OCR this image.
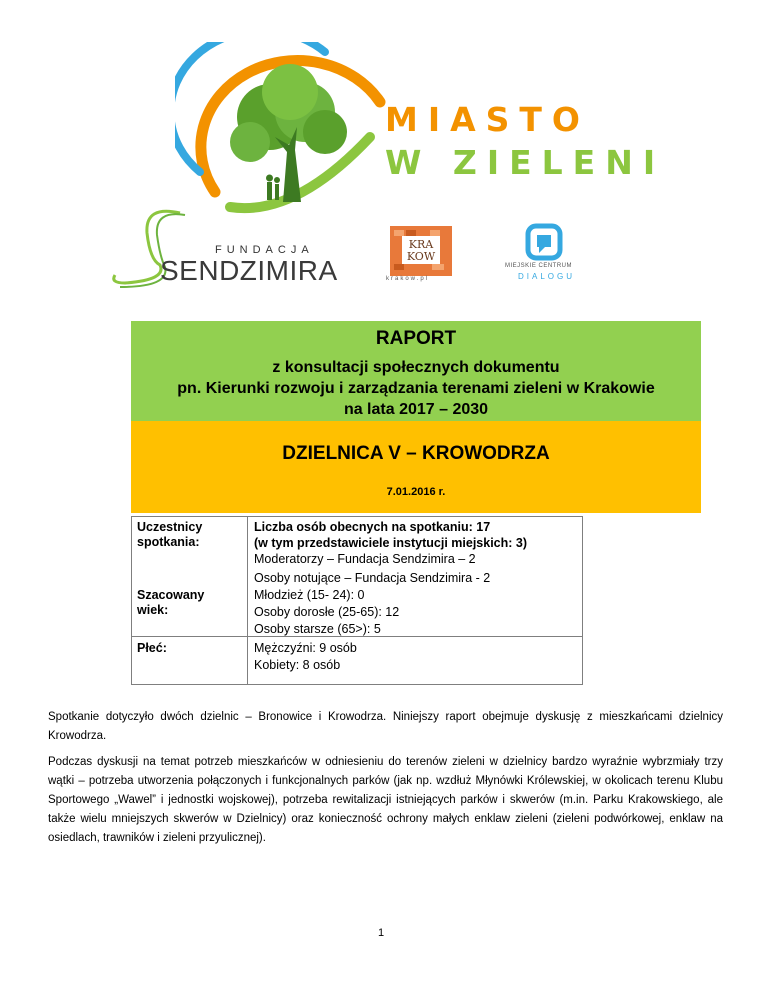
MIASTO
W ZIELENI
FUNDACJA
SENDZIMIRA
KRA
KOW
krakow.pl
MIEJSKIE CENTRUM
DIALOGU
RAPORT
z konsultacji społecznych dokumentu
pn. Kierunki rozwoju i zarządzania terenami zieleni w Krakowie
na lata 2017 – 2030
DZIELNICA V – KROWODRZA
7.01.2016 r.
Uczestnicy
spotkania:
Szacowany
wiek:
Płeć:
Liczba osób obecnych na spotkaniu: 17
(w tym przedstawiciele instytucji miejskich: 3)
Moderatorzy – Fundacja Sendzimira – 2
Osoby notujące – Fundacja Sendzimira - 2
Młodzież (15- 24): 0
Osoby dorosłe (25-65): 12
Osoby starsze (65>): 5
Mężczyźni: 9 osób
Kobiety: 8 osób
Spotkanie dotyczyło dwóch dzielnic – Bronowice i Krowodrza. Niniejszy raport obejmuje dyskusję z mieszkańcami dzielnicy Krowodrza.
Podczas dyskusji na temat potrzeb mieszkańców w odniesieniu do terenów zieleni w dzielnicy bardzo wyraźnie wybrzmiały trzy wątki – potrzeba utworzenia połączonych i funkcjonalnych parków (jak np. wzdłuż Młynówki Królewskiej, w okolicach terenu Klubu Sportowego „Wawel” i jednostki wojskowej), potrzeba rewitalizacji istniejących parków i skwerów (m.in. Parku Krakowskiego, ale także wielu mniejszych skwerów w Dzielnicy) oraz konieczność ochrony małych enklaw zieleni (zieleni podwórkowej, enklaw na osiedlach, trawników i zieleni przyulicznej).
1
